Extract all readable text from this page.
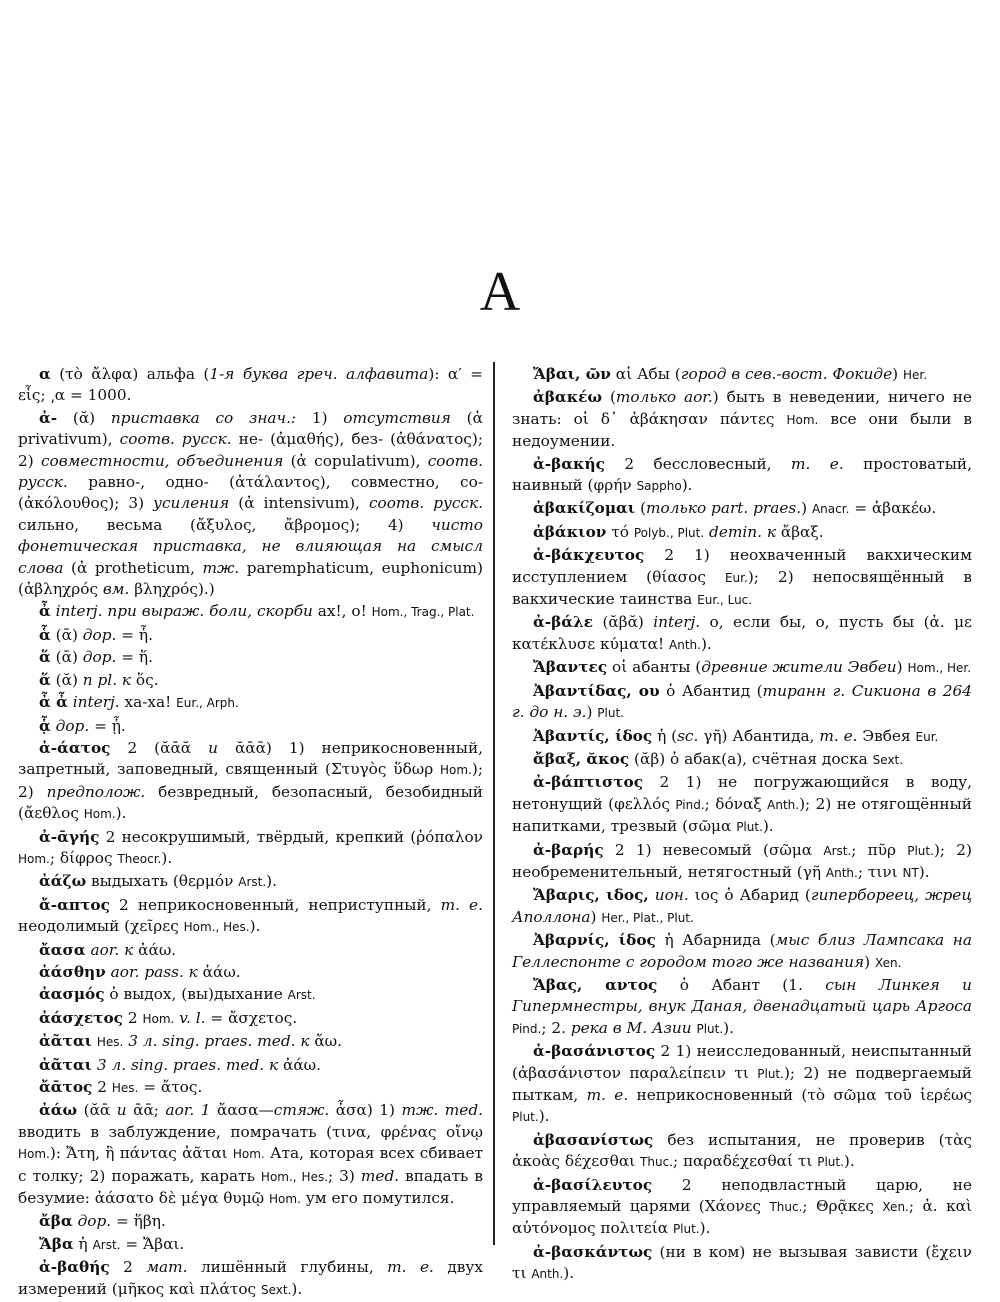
Α
α (τὸ ἄλφα) альфа (1-я буква греч. алфавита): α′ = εἷς; ͵α = 1000.
ἀ- (ᾰ) приставка со знач.: 1) отсутствия (ἀ privativum), соотв. русск. не- (ἀμαθής), без- (ἀθάνατος); 2) совместности, объединения (ἀ copulativum), соотв. русск. равно-, одно- (ἀτάλαντος), совместно, со- (ἀκόλουθος); 3) усиления (ἀ intensivum), соотв. русск. сильно, весьма (ἄξυλος, ἄβρομος); 4) чисто фонетическая приставка, не влияющая на смысл слова (ἀ protheticum, тж. paremphaticum, euphonicum) (ἀβληχρός вм. βληχρός).)
ἆ interj. при выраж. боли, скорби ах!, о! Hom., Trag., Plat.
ἇ (ᾱ) дор. = ἧ.
ἅ (ᾱ) дор. = ἥ.
ἅ (ᾰ) n pl. к ὅς.
ἆ ἆ interj. ха-ха! Eur., Arph.
ᾇ дор. = ᾗ.
ἀ-άατος 2 (ᾰᾱᾰ и ᾰᾱᾱ) 1) неприкосновенный, запретный, заповедный, священный (Στυγὸς ὕδωρ Hom.); 2) предполож. безвредный, безопасный, безобидный (ἄεθλος Hom.).
ἀ-ᾱγής 2 несокрушимый, твёрдый, крепкий (ῥόπαλον Hom.; δίφρος Theocr.).
ἀάζω выдыхать (θερμόν Arst.).
ἄ-απτος 2 неприкосновенный, неприступный, т. е. неодолимый (χεῖρες Hom., Hes.).
ἄασα aor. к ἀάω.
ἀάσθην aor. pass. к ἀάω.
ἀασμός ὁ выдох, (вы)дыхание Arst.
ἀάσχετος 2 Hom. v. l. = ἄσχετος.
ἀᾶται Hes. 3 л. sing. praes. med. к ἄω.
ἀᾶται 3 л. sing. praes. med. к ἀάω.
ἄᾱτος 2 Hes. = ἄτος.
ἀάω (ᾰᾱ и ᾱᾱ; aor. 1 ἄασα—стяж. ἆσα) 1) тж. med. вводить в заблуждение, помрачать (τινα, φρένας οἴνῳ Hom.): Ἄτη, ἣ πάντας ἀᾶται Hom. Ата, которая всех сбивает с толку; 2) поражать, карать Hom., Hes.; 3) med. впадать в безумие: ἀάσατο δὲ μέγα θυμῷ Hom. ум его помутился.
ἄβα дор. = ἥβη.
Ἄβα ἡ Arst. = Ἄβαι.
ἀ-βαθής 2 мат. лишённый глубины, т. е. двух измерений (μῆκος καὶ πλάτος Sext.).
Ἄβαι, ῶν αἱ Абы (город в сев.-вост. Фокиде) Her.
ἀβακέω (только aor.) быть в неведении, ничего не знать: οἱ δ᾽ ἀβάκησαν πάντες Hom. все они были в недоумении.
ἀ-βακής 2 бессловесный, т. е. простоватый, наивный (φρήν Sappho).
ἀβακίζομαι (только part. praes.) Anacr. = ἀβακέω.
ἀβάκιον τό Polyb., Plut. demin. к ἄβαξ.
ἀ-βάκχευτος 2 1) неохваченный вакхическим исступлением (θίασος Eur.); 2) непосвящённый в вакхические таинства Eur., Luc.
ἀ-βάλε (ᾰβᾰ) interj. о, если бы, о, пусть бы (ἀ. με κατέκλυσε κύματα! Anth.).
Ἄβαντες οἱ абанты (древние жители Эвбеи) Hom., Her.
Ἀβαντίδας, ου ὁ Абантид (тиранн г. Сикиона в 264 г. до н. э.) Plut.
Ἀβαντίς, ίδος ἡ (sc. γῆ) Абантида, т. е. Эвбея Eur.
ἄβαξ, ᾰκος (ᾰβ) ὁ абак(а), счётная доска Sext.
ἀ-βάπτιστος 2 1) не погружающийся в воду, нетонущий (φελλός Pind.; δόναξ Anth.); 2) не отягощённый напитками, трезвый (σῶμα Plut.).
ἀ-βαρής 2 1) невесомый (σῶμα Arst.; πῦρ Plut.); 2) необременительный, нетягостный (γῆ Anth.; τινι NT).
Ἄβαρις, ιδος, ион. ιος ὁ Абарид (гипербореец, жрец Аполлона) Her., Plat., Plut.
Ἀβαρνίς, ίδος ἡ Абарнида (мыс близ Лампсака на Геллеспонте с городом того же названия) Xen.
Ἄβας, αντος ὁ Абант (1. сын Линкея и Гипермнестры, внук Даная, двенадцатый царь Аргоса Pind.; 2. река в М. Азии Plut.).
ἀ-βασάνιστος 2 1) неисследованный, неиспытанный (ἀβασάνιστον παραλείπειν τι Plut.); 2) не подвергаемый пыткам, т. е. неприкосновенный (τὸ σῶμα τοῦ ἱερέως Plut.).
ἀβασανίστως без испытания, не проверив (τὰς ἀκοὰς δέχεσθαι Thuc.; παραδέχεσθαί τι Plut.).
ἀ-βασίλευτος 2 неподвластный царю, не управляемый царями (Χάονες Thuc.; Θρᾷκες Xen.; ἀ. καὶ αὐτόνομος πολιτεία Plut.).
ἀ-βασκάντως (ни в ком) не вызывая зависти (ἔχειν τι Anth.).
